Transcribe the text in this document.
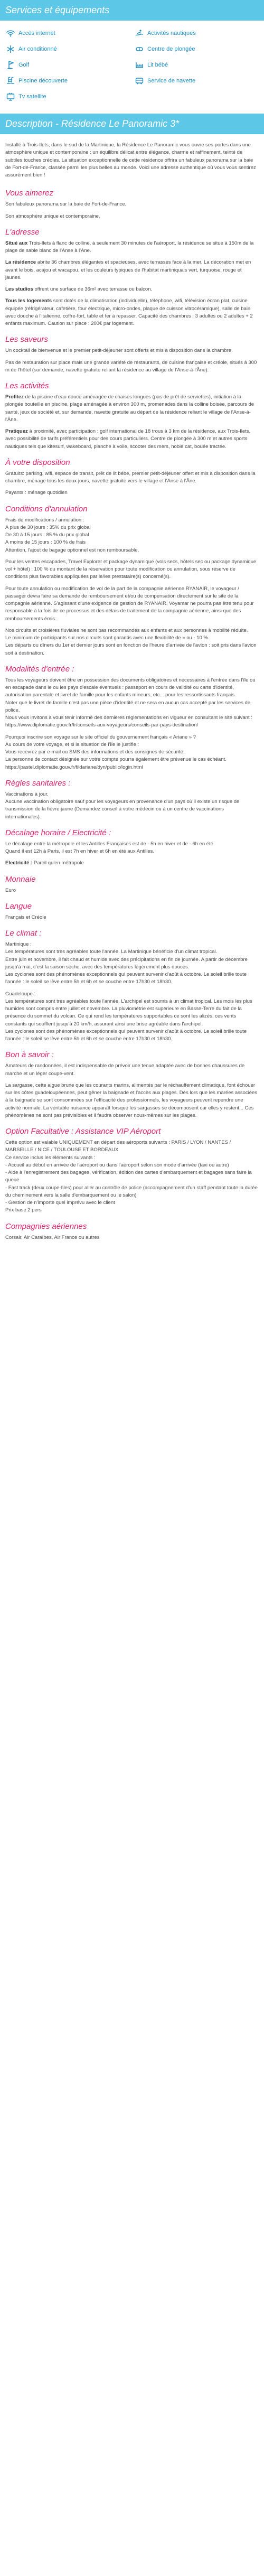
Services et équipements
Accès internet	Activités nautiques
Air conditionné	Centre de plongée
Golf	Lit bébé
Piscine découverte	Service de navette
Tv satellite
Description - Résidence Le Panoramic 3*
Installé à Trois-Ilets, dans le sud de la Martinique, la Résidence Le Panoramic vous ouvre ses portes dans une atmosphère unique et contemporaine : un équilibre délicat entre élégance, charme et raffinement, teinté de subtiles touches créoles. La situation exceptionnelle de cette résidence offrira un fabuleux panorama sur la baie de Fort-de-France, classée parmi les plus belles au monde. Voici une adresse authentique où vous vous sentirez assurément bien !
Vous aimerez

Son fabuleux panorama sur la baie de Fort-de-France.

Son atmosphère unique et contemporaine.

L'adresse

Situé aux Trois-Ilets à flanc de colline, à seulement 30 minutes de l'aéroport, la résidence se situe à 150m de la plage de sable blanc de l'Anse à l'Ane.

La résidence abrite 36 chambres élégantes et spacieuses, avec terrasses face à la mer. La décoration met en avant le bois, acajou et wacapou, et les couleurs typiques de l'habitat martiniquais vert, turquoise, rouge et jaunes.

Les studios offrent une surface de 36m² avec terrasse ou balcon.

Tous les logements sont dotés de la climatisation (individuelle), téléphone, wifi, télévision écran plat, cuisine équipée (réfrigérateur, cafetière, four électrique, micro-ondes, plaque de cuisson vitrocéramique), salle de bain avec douche à l'italienne, coffre-fort, table et fer à repasser. Capacité des chambres : 3 adultes ou 2 adultes + 2 enfants maximum. Caution sur place : 200€ par logement.

Les saveurs

Un cocktail de bienvenue et le premier petit-déjeuner sont offerts et mis à disposition dans la chambre.

Pas de restauration sur place mais une grande variété de restaurants, de cuisine française et créole, situés à 300 m de l'hôtel (sur demande, navette gratuite reliant la résidence au village de l'Anse-à-l'Âne).

Les activités

Profitez de la piscine d'eau douce aménagée de chaises longues (pas de prêt de serviettes), initiation à la plongée bouteille en piscine, plage aménagée à environ 300 m, promenades dans la colline boisée, parcours de santé, jeux de société et, sur demande, navette gratuite au départ de la résidence reliant le village de l'Anse-à-l'Âne.

Pratiquez à proximité, avec participation : golf international de 18 trous à 3 km de la résidence, aux Trois-Ilets, avec possibilité de tarifs préférentiels pour des cours particuliers. Centre de plongée à 300 m et autres sports nautiques tels que kitesurf, wakeboard, planche à voile, scooter des mers, hobie cat, bouée tractée.

À votre disposition

Gratuits: parking, wifi, espace de transit, prêt de lit bébé, premier petit-déjeuner offert et mis à disposition dans la chambre, ménage tous les deux jours, navette gratuite vers le village et l'Anse à l'Âne.

Payants : ménage quotidien

Conditions d'annulation

Frais de modifications / annulation :
A plus de 30 jours : 35% du prix global
De 30 à 15 jours : 85 % du prix global
A moins de 15 jours : 100 % de frais
Attention, l'ajout de bagage optionnel est non remboursable.

Pour les ventes escapades, Travel Explorer et package dynamique (vols secs, hôtels sec ou package dynamique vol + hôtel) : 100 % du montant de la réservation pour toute modification ou annulation, sous réserve de conditions plus favorables appliquées par le/les prestataire(s) concerné(s).

Pour toute annulation ou modification de vol de la part de la compagnie aérienne RYANAIR, le voyageur / passager devra faire sa demande de remboursement et/ou de compensation directement sur le site de la compagnie aérienne. S'agissant d'une exigence de gestion de RYANAIR, Voyamar ne pourra pas être tenu pour responsable à la fois de ce processus et des délais de traitement de la compagnie aérienne, ainsi que des remboursements émis.

Nos circuits et croisières fluviales ne sont pas recommandés aux enfants et aux personnes à mobilité réduite.
Le minimum de participants sur nos circuits sont garantis avec une flexibilité de « ou - 10 %.
Les départs ou dîners du 1er et dernier jours sont en fonction de l'heure d'arrivée de l'avion : soit pris dans l'avion soit à destination.

Modalités d'entrée :

Tous les voyageurs doivent être en possession des documents obligatoires et nécessaires à l'entrée dans l'île ou en escapade dans le ou les pays d'escale éventuels : passeport en cours de validité ou carte d'identité, autorisation parentale et livret de famille pour les enfants mineurs, etc... pour les ressortissants français.
Noter que le livret de famille n'est pas une pièce d'identité et ne sera en aucun cas accepté par les services de police.
Nous vous invitons à vous tenir informé des dernières réglementations en vigueur en consultant le site suivant : https://www.diplomatie.gouv.fr/fr/conseils-aux-voyageurs/conseils-par-pays-destination/

Pourquoi inscrire son voyage sur le site officiel du gouvernement français « Ariane » ?
Au cours de votre voyage, et si la situation de l'île le justifie :
Vous recevrez par e-mail ou SMS des informations et des consignes de sécurité.
La personne de contact désignée sur votre compte pourra également être prévenue le cas échéant.
https://pastel.diplomatie.gouv.fr/fildariane/dyn/public/login.html

Règles sanitaires :

Vaccinations à jour.
Aucune vaccination obligatoire sauf pour les voyageurs en provenance d'un pays où il existe un risque de transmission de la fièvre jaune (Demandez conseil à votre médecin ou à un centre de vaccinations internationales).

Décalage horaire / Electricité :

Le décalage entre la métropole et les Antilles Françaises est de - 5h en hiver et de - 6h en été.
Quand il est 12h à Paris, il est 7h en hiver et 6h en été aux Antilles.

Electricité : Pareil qu'en métropole

Monnaie

Euro

Langue

Français et Créole

Le climat :

Martinique :
Les températures sont très agréables toute l'année. La Martinique bénéficie d'un climat tropical.
Entre juin et novembre, il fait chaud et humide avec des précipitations en fin de journée. A partir de décembre jusqu'à mai, c'est la saison sèche, avec des températures légèrement plus douces.
Les cyclones sont des phénomènes exceptionnels qui peuvent survenir d'août à octobre. Le soleil brille toute l'année : le soleil se lève entre 5h et 6h et se couche entre 17h30 et 18h30.

Guadeloupe :
Les températures sont très agréables toute l'année. L'archipel est soumis à un climat tropical. Les mois les plus humides sont compris entre juillet et novembre. La pluviométrie est supérieure en Basse-Terre du fait de la présence du sommet du volcan. Ce qui rend les températures supportables ce sont les alizés, ces vents constants qui soufflent jusqu'à 20 km/h, assurant ainsi une brise agréable dans l'archipel.
Les cyclones sont des phénomènes exceptionnels qui peuvent survenir d'août à octobre. Le soleil brille toute l'année : le soleil se lève entre 5h et 6h et se couche entre 17h30 et 18h30.

Bon à savoir :

Amateurs de randonnées, il est indispensable de prévoir une tenue adaptée avec de bonnes chaussures de marche et un léger coupe-vent.

La sargasse, cette algue brune que les courants marins, alimentés par le réchauffement climatique, font échouer sur les côtes guadeloupéennes, peut gêner la baignade et l'accès aux plages. Dès lors que les marées associées à la baignade se sont consommées sur l'efficacité des professionnels, les voyageurs peuvent rependre une activité normale. La véritable nuisance apparaît lorsque les sargasses se décomposent car elles y restent... Ces phénomènes ne sont pas prévisibles et il faudra observer nous-mêmes sur les plages.

Option Facultative : Assistance VIP Aéroport

Cette option est valable UNIQUEMENT en départ des aéroports suivants : PARIS / LYON / NANTES / MARSEILLE / NICE / TOULOUSE ET BORDEAUX
Ce service inclus les éléments suivants :
- Accueil au début en arrivée de l'aéroport ou dans l'aéroport selon son mode d'arrivée (taxi ou autre)
- Aide à l'enregistrement des bagages, vérification, édition des cartes d'embarquement et bagages sans faire la queue
- Fast track (deux coupe-files) pour aller au contrôle de police (accompagnement d'un staff pendant toute la durée du cheminement vers la salle d'embarquement ou le salon)
- Gestion de n'importe quel imprévu avec le client
Prix base 2 pers

Compagnies aériennes

Corsair, Air Caraïbes, Air France ou autres
